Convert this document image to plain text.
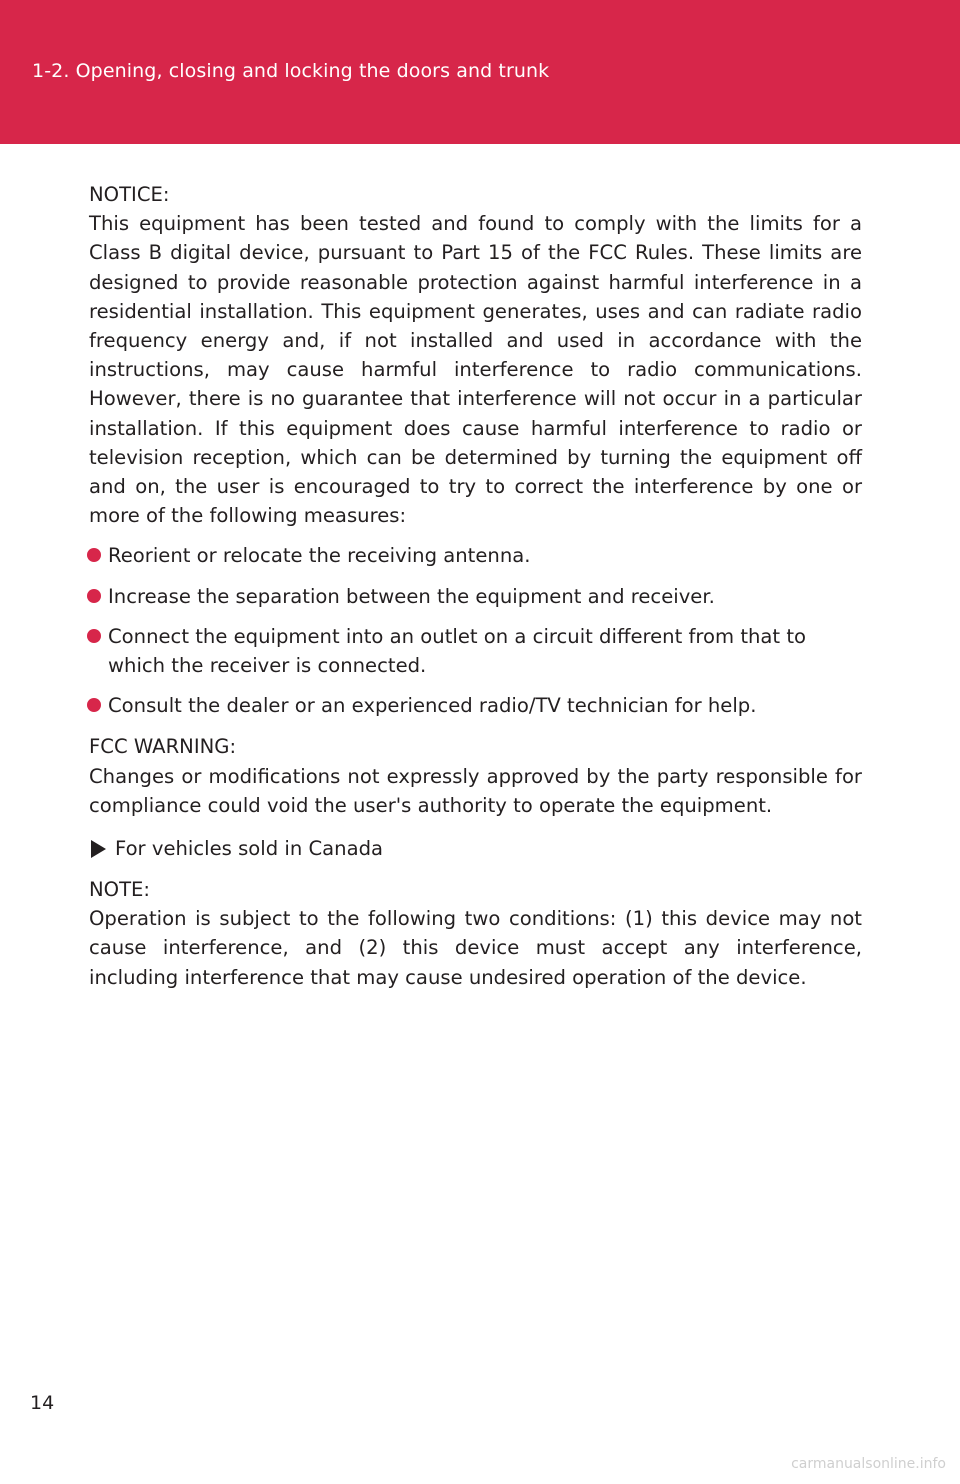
1-2. Opening, closing and locking the doors and trunk

NOTICE:

This equipment has been tested and found to comply with the limits for a Class B digital device, pursuant to Part 15 of the FCC Rules. These limits are designed to provide reasonable protection against harmful interference in a residential installation. This equipment generates, uses and can radiate radio frequency energy and, if not installed and used in accordance with the instructions, may cause harmful interference to radio communications. However, there is no guarantee that interference will not occur in a particular installation. If this equipment does cause harmful interference to radio or television reception, which can be determined by turning the equipment off and on, the user is encouraged to try to correct the interference by one or more of the following measures:

Reorient or relocate the receiving antenna.
Increase the separation between the equipment and receiver.
Connect the equipment into an outlet on a circuit different from that to which the receiver is connected.
Consult the dealer or an experienced radio/TV technician for help.

FCC WARNING:

Changes or modifications not expressly approved by the party responsible for compliance could void the user's authority to operate the equipment.

For vehicles sold in Canada

NOTE:

Operation is subject to the following two conditions: (1) this device may not cause interference, and (2) this device must accept any interference, including interference that may cause undesired operation of the device.

14
carmanualsonline.info
